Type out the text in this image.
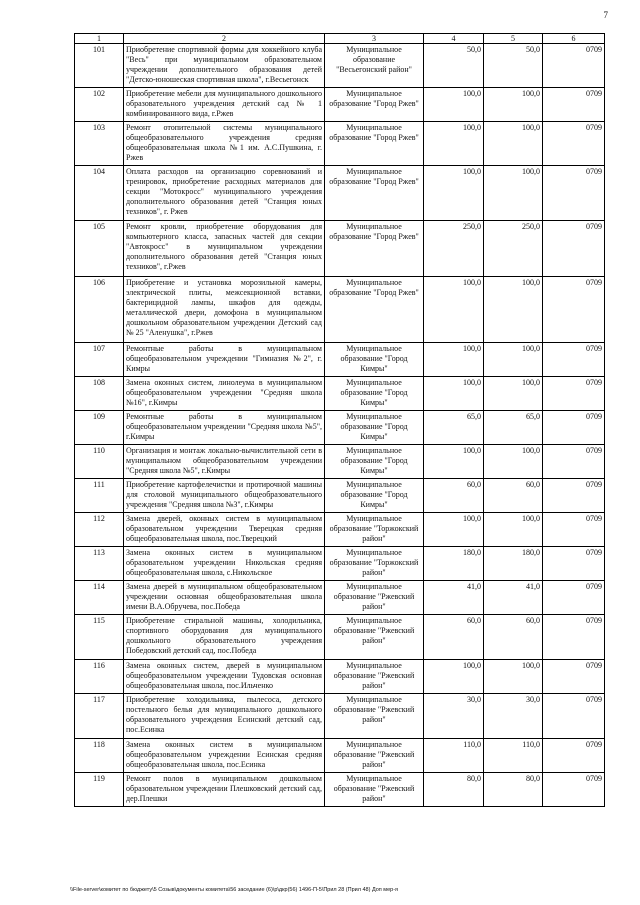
7
1	2	3	4	5	6
101	Приобретение спортивной формы для хоккейного клуба "Весь" при муниципальном образовательном учреждении дополнительного образования детей "Детско-юношеская спортивная школа", г.Весьегонск	Муниципальное образование "Весьегонский район"	50,0	50,0	0709
102	Приобретение мебели для муниципального дошкольного образовательного учреждения детский сад № 1 комбинированного вида, г.Ржев	Муниципальное образование "Город Ржев"	100,0	100,0	0709
103	Ремонт отопительной системы муниципального общеобразовательного учреждения средняя общеобразовательная школа №1 им. А.С.Пушкина, г. Ржев	Муниципальное образование "Город Ржев"	100,0	100,0	0709
104	Оплата расходов на организацию соревнований и тренировок, приобретение расходных материалов для секции "Мотокросс" муниципального учреждения дополнительного образования детей "Станция юных техников", г. Ржев	Муниципальное образование "Город Ржев"	100,0	100,0	0709
105	Ремонт кровли, приобретение оборудования для компьютерного класса, запасных частей для секции "Автокросс" в муниципальном учреждении дополнительного образования детей "Станция юных техников", г.Ржев	Муниципальное образование "Город Ржев"	250,0	250,0	0709
106	Приобретение и установка морозильной камеры, электрической плиты, межсекционной вставки, бактерицидной лампы, шкафов для одежды, металлической двери, домофона в муниципальном дошкольном образовательном учреждении Детский сад № 25 "Аленушка", г.Ржев	Муниципальное образование "Город Ржев"	100,0	100,0	0709
107	Ремонтные работы в муниципальном общеобразовательном учреждении "Гимназия №2", г. Кимры	Муниципальное образование "Город Кимры"	100,0	100,0	0709
108	Замена оконных систем, линолеума в муниципальном общеобразовательном учреждении "Средняя школа №16", г.Кимры	Муниципальное образование "Город Кимры"	100,0	100,0	0709
109	Ремонтные работы в муниципальном общеобразовательном учреждении "Средняя школа №5", г.Кимры	Муниципальное образование "Город Кимры"	65,0	65,0	0709
110	Организация и монтаж локально-вычислительной сети в муниципальном общеобразовательном учреждении "Средняя школа №5", г.Кимры	Муниципальное образование "Город Кимры"	100,0	100,0	0709
111	Приобретение картофелечистки и протирочной машины для столовой муниципального общеобразовательного учреждения "Средняя школа №3", г.Кимры	Муниципальное образование "Город Кимры"	60,0	60,0	0709
112	Замена дверей, оконных систем в муниципальном образовательном учреждении Тверецкая средняя общеобразовательная школа, пос.Тверецкий	Муниципальное образование "Торжокский район"	100,0	100,0	0709
113	Замена оконных систем в муниципальном образовательном учреждении Никольская средняя общеобразовательная школа, с.Никольское	Муниципальное образование "Торжокский район"	180,0	180,0	0709
114	Замена дверей в муниципальном общеобразовательном учреждении основная общеобразовательная школа имени В.А.Обручева, пос.Победа	Муниципальное образование "Ржевский район"	41,0	41,0	0709
115	Приобретение стиральной машины, холодильника, спортивного оборудования для муниципального дошкольного образовательного учреждения Победовский детский сад, пос.Победа	Муниципальное образование "Ржевский район"	60,0	60,0	0709
116	Замена оконных систем, дверей в муниципальном общеобразовательном учреждении Тудовская основная общеобразовательная школа, пос.Ильченко	Муниципальное образование "Ржевский район"	100,0	100,0	0709
117	Приобретение холодильника, пылесоса, детского постельного белья для муниципального дошкольного образовательного учреждения Есинский детский сад, пос.Есинка	Муниципальное образование "Ржевский район"	30,0	30,0	0709
118	Замена оконных систем в муниципальном общеобразовательном учреждении Есинская средняя общеобразовательная школа, пос.Есинка	Муниципальное образование "Ржевский район"	110,0	110,0	0709
119	Ремонт полов в муниципальном дошкольном образовательном учреждении Плешковский детский сад, дер.Плешки	Муниципальное образование "Ржевский район"	80,0	80,0	0709
\\File-server\комитет по бюджету\5 Созыв\документы комитета\56 заседание (6)\р\дкр(56) 1496-П-5\Прил 28 (Прил 48) Доп мер-я
